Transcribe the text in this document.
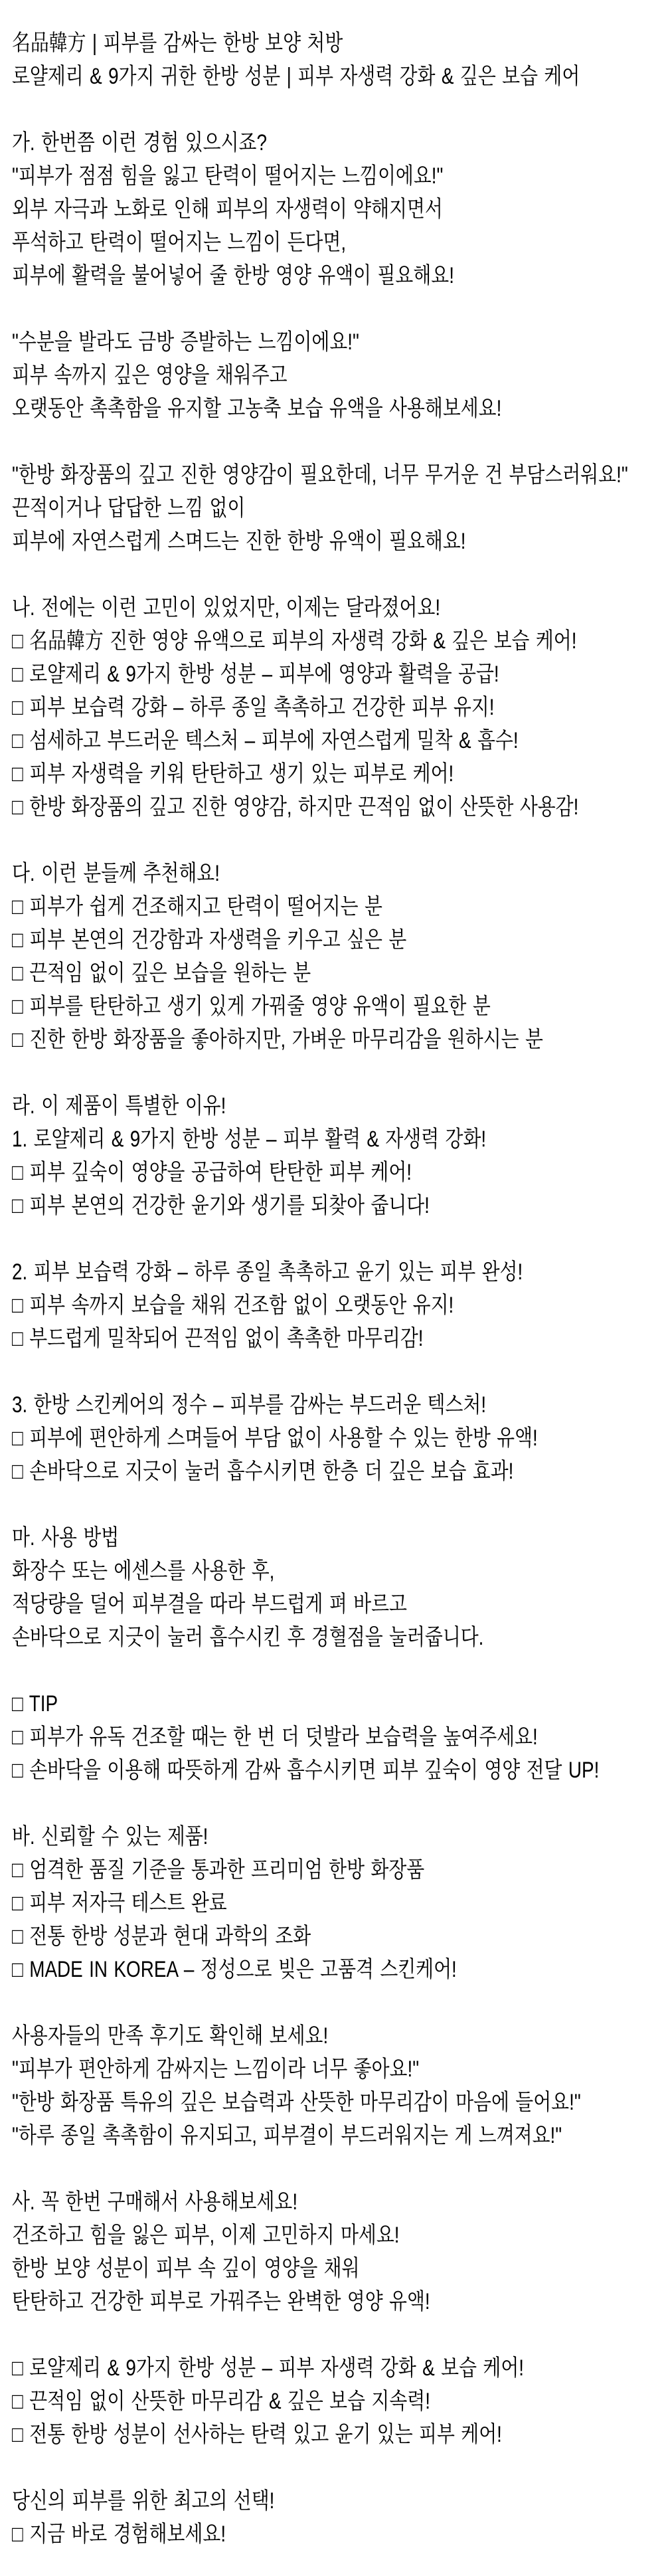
名品韓方 | 피부를 감싸는 한방 보양 처방
로얄제리 & 9가지 귀한 한방 성분 | 피부 자생력 강화 & 깊은 보습 케어
가. 한번쯤 이런 경험 있으시죠?
"피부가 점점 힘을 잃고 탄력이 떨어지는 느낌이에요!"
외부 자극과 노화로 인해 피부의 자생력이 약해지면서
푸석하고 탄력이 떨어지는 느낌이 든다면,
피부에 활력을 불어넣어 줄 한방 영양 유액이 필요해요!
"수분을 발라도 금방 증발하는 느낌이에요!"
피부 속까지 깊은 영양을 채워주고
오랫동안 촉촉함을 유지할 고농축 보습 유액을 사용해보세요!
"한방 화장품의 깊고 진한 영양감이 필요한데, 너무 무거운 건 부담스러워요!"
끈적이거나 답답한 느낌 없이
피부에 자연스럽게 스며드는 진한 한방 유액이 필요해요!
나. 전에는 이런 고민이 있었지만, 이제는 달라졌어요!
□ 名品韓方 진한 영양 유액으로 피부의 자생력 강화 & 깊은 보습 케어!
□ 로얄제리 & 9가지 한방 성분 – 피부에 영양과 활력을 공급!
□ 피부 보습력 강화 – 하루 종일 촉촉하고 건강한 피부 유지!
□ 섬세하고 부드러운 텍스처 – 피부에 자연스럽게 밀착 & 흡수!
□ 피부 자생력을 키워 탄탄하고 생기 있는 피부로 케어!
□ 한방 화장품의 깊고 진한 영양감, 하지만 끈적임 없이 산뜻한 사용감!
다. 이런 분들께 추천해요!
□ 피부가 쉽게 건조해지고 탄력이 떨어지는 분
□ 피부 본연의 건강함과 자생력을 키우고 싶은 분
□ 끈적임 없이 깊은 보습을 원하는 분
□ 피부를 탄탄하고 생기 있게 가꿔줄 영양 유액이 필요한 분
□ 진한 한방 화장품을 좋아하지만, 가벼운 마무리감을 원하시는 분
라. 이 제품이 특별한 이유!
1. 로얄제리 & 9가지 한방 성분 – 피부 활력 & 자생력 강화!
□ 피부 깊숙이 영양을 공급하여 탄탄한 피부 케어!
□ 피부 본연의 건강한 윤기와 생기를 되찾아 줍니다!
2. 피부 보습력 강화 – 하루 종일 촉촉하고 윤기 있는 피부 완성!
□ 피부 속까지 보습을 채워 건조함 없이 오랫동안 유지!
□ 부드럽게 밀착되어 끈적임 없이 촉촉한 마무리감!
3. 한방 스킨케어의 정수 – 피부를 감싸는 부드러운 텍스처!
□ 피부에 편안하게 스며들어 부담 없이 사용할 수 있는 한방 유액!
□ 손바닥으로 지긋이 눌러 흡수시키면 한층 더 깊은 보습 효과!
마. 사용 방법
화장수 또는 에센스를 사용한 후,
적당량을 덜어 피부결을 따라 부드럽게 펴 바르고
손바닥으로 지긋이 눌러 흡수시킨 후 경혈점을 눌러줍니다.
□ TIP
□ 피부가 유독 건조할 때는 한 번 더 덧발라 보습력을 높여주세요!
□ 손바닥을 이용해 따뜻하게 감싸 흡수시키면 피부 깊숙이 영양 전달 UP!
바. 신뢰할 수 있는 제품!
□ 엄격한 품질 기준을 통과한 프리미엄 한방 화장품
□ 피부 저자극 테스트 완료
□ 전통 한방 성분과 현대 과학의 조화
□ MADE IN KOREA – 정성으로 빚은 고품격 스킨케어!
사용자들의 만족 후기도 확인해 보세요!
"피부가 편안하게 감싸지는 느낌이라 너무 좋아요!"
"한방 화장품 특유의 깊은 보습력과 산뜻한 마무리감이 마음에 들어요!"
"하루 종일 촉촉함이 유지되고, 피부결이 부드러워지는 게 느껴져요!"
사. 꼭 한번 구매해서 사용해보세요!
건조하고 힘을 잃은 피부, 이제 고민하지 마세요!
한방 보양 성분이 피부 속 깊이 영양을 채워
탄탄하고 건강한 피부로 가꿔주는 완벽한 영양 유액!
□ 로얄제리 & 9가지 한방 성분 – 피부 자생력 강화 & 보습 케어!
□ 끈적임 없이 산뜻한 마무리감 & 깊은 보습 지속력!
□ 전통 한방 성분이 선사하는 탄력 있고 윤기 있는 피부 케어!
당신의 피부를 위한 최고의 선택!
□ 지금 바로 경험해보세요!
